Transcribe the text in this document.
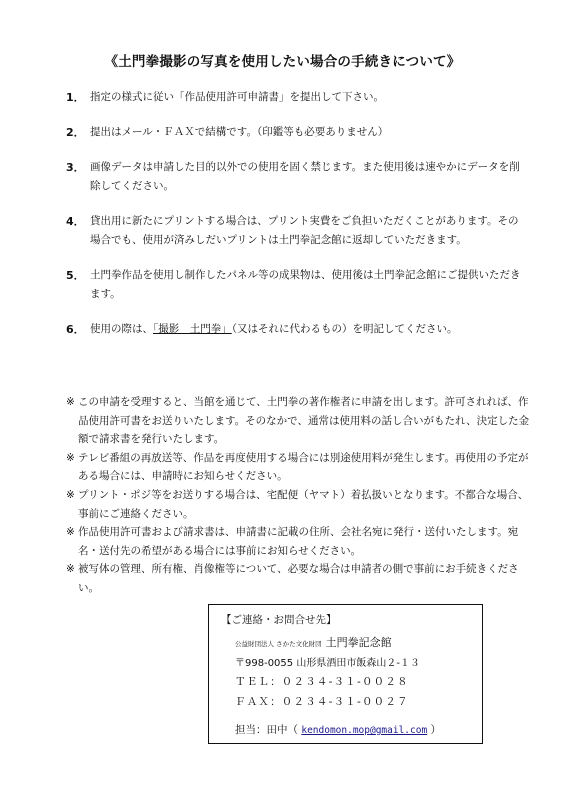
《土門拳撮影の写真を使用したい場合の手続きについて》
1． 指定の様式に従い「作品使用許可申請書」を提出して下さい。
2． 提出はメール・ＦＡＸで結構です。（印鑑等も必要ありません）
3． 画像データは申請した目的以外での使用を固く禁じます。また使用後は速やかにデータを削除してください。
4． 貸出用に新たにプリントする場合は、プリント実費をご負担いただくことがあります。その場合でも、使用が済みしだいプリントは土門拳記念館に返却していただきます。
5． 土門拳作品を使用し制作したパネル等の成果物は、使用後は土門拳記念館にご提供いただきます。
6． 使用の際は、「撮影　土門拳」（又はそれに代わるもの）を明記してください。
※ この申請を受理すると、当館を通じて、土門拳の著作権者に申請を出します。許可されれば、作品使用許可書をお送りいたします。そのなかで、通常は使用料の話し合いがもたれ、決定した金額で請求書を発行いたします。
※ テレビ番組の再放送等、作品を再度使用する場合には別途使用料が発生します。再使用の予定がある場合には、申請時にお知らせください。
※ プリント・ポジ等をお送りする場合は、宅配便（ヤマト）着払扱いとなります。不都合な場合、事前にご連絡ください。
※ 作品使用許可書および請求書は、申請書に記載の住所、会社名宛に発行・送付いたします。宛名・送付先の希望がある場合には事前にお知らせください。
※ 被写体の管理、所有権、肖像権等について、必要な場合は申請者の側で事前にお手続きください。
【ご連絡・お問合せ先】
公益財団法人 さかた文化財団 土門拳記念館
〒998-0055 山形県酒田市飯森山２-１３
ＴＥＬ：０２３４-３１-００２８
ＦＡＸ：０２３４-３１-００２７
担当：田中（ kendomon.mop@gmail.com ）
